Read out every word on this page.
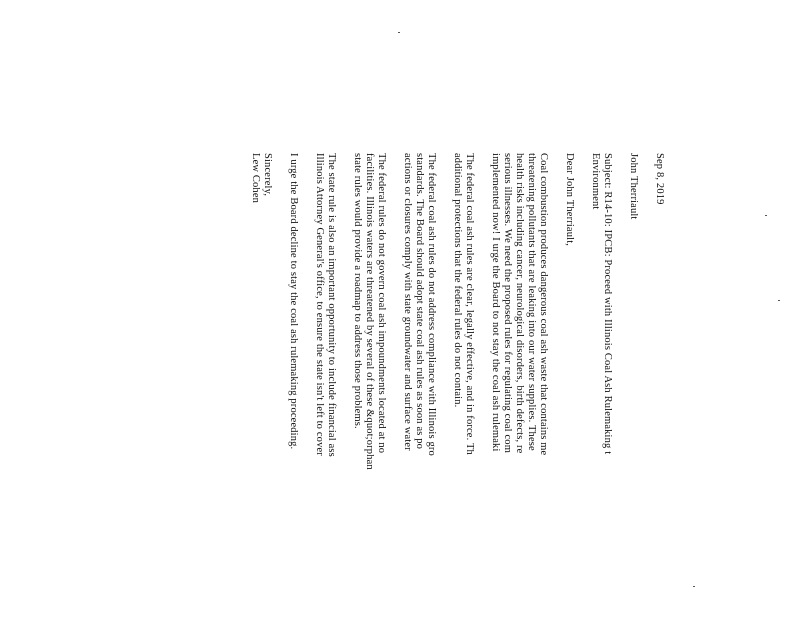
Sep 8, 2019
John Therriault
Subject: R14-10: IPCB: Proceed with Illinois Coal Ash Rulemaking t
Environment
Dear John Therriault,
Coal combustion produces dangerous coal ash waste that contains me
threatening pollutants that are leaking into our water supplies. These
health risks including cancer, neurological disorders, birth defects, re
serious illnesses. We need the proposed rules for regulating coal com
implemented now! I urge the Board to not stay the coal ash rulemaki
The federal coal ash rules are clear, legally effective, and in force. Th
additional protections that the federal rules do not contain.
The federal coal ash rules do not address compliance with Illinois gro
standards. The Board should adopt state coal ash rules as soon as po
actions or closures comply with state groundwater and surface water
The federal rules do not govern coal ash impoundments located at no
facilities. Illinois waters are threatened by several of these &quot;orphan
state rules would provide a roadmap to address those problems.
The state rule is also an important opportunity to include financial ass
Illinois Attorney General's office, to ensure the state isn't left to cover
I urge the Board decline to stay the coal ash rulemaking proceeding.
Sincerely,
Lew Cohen
